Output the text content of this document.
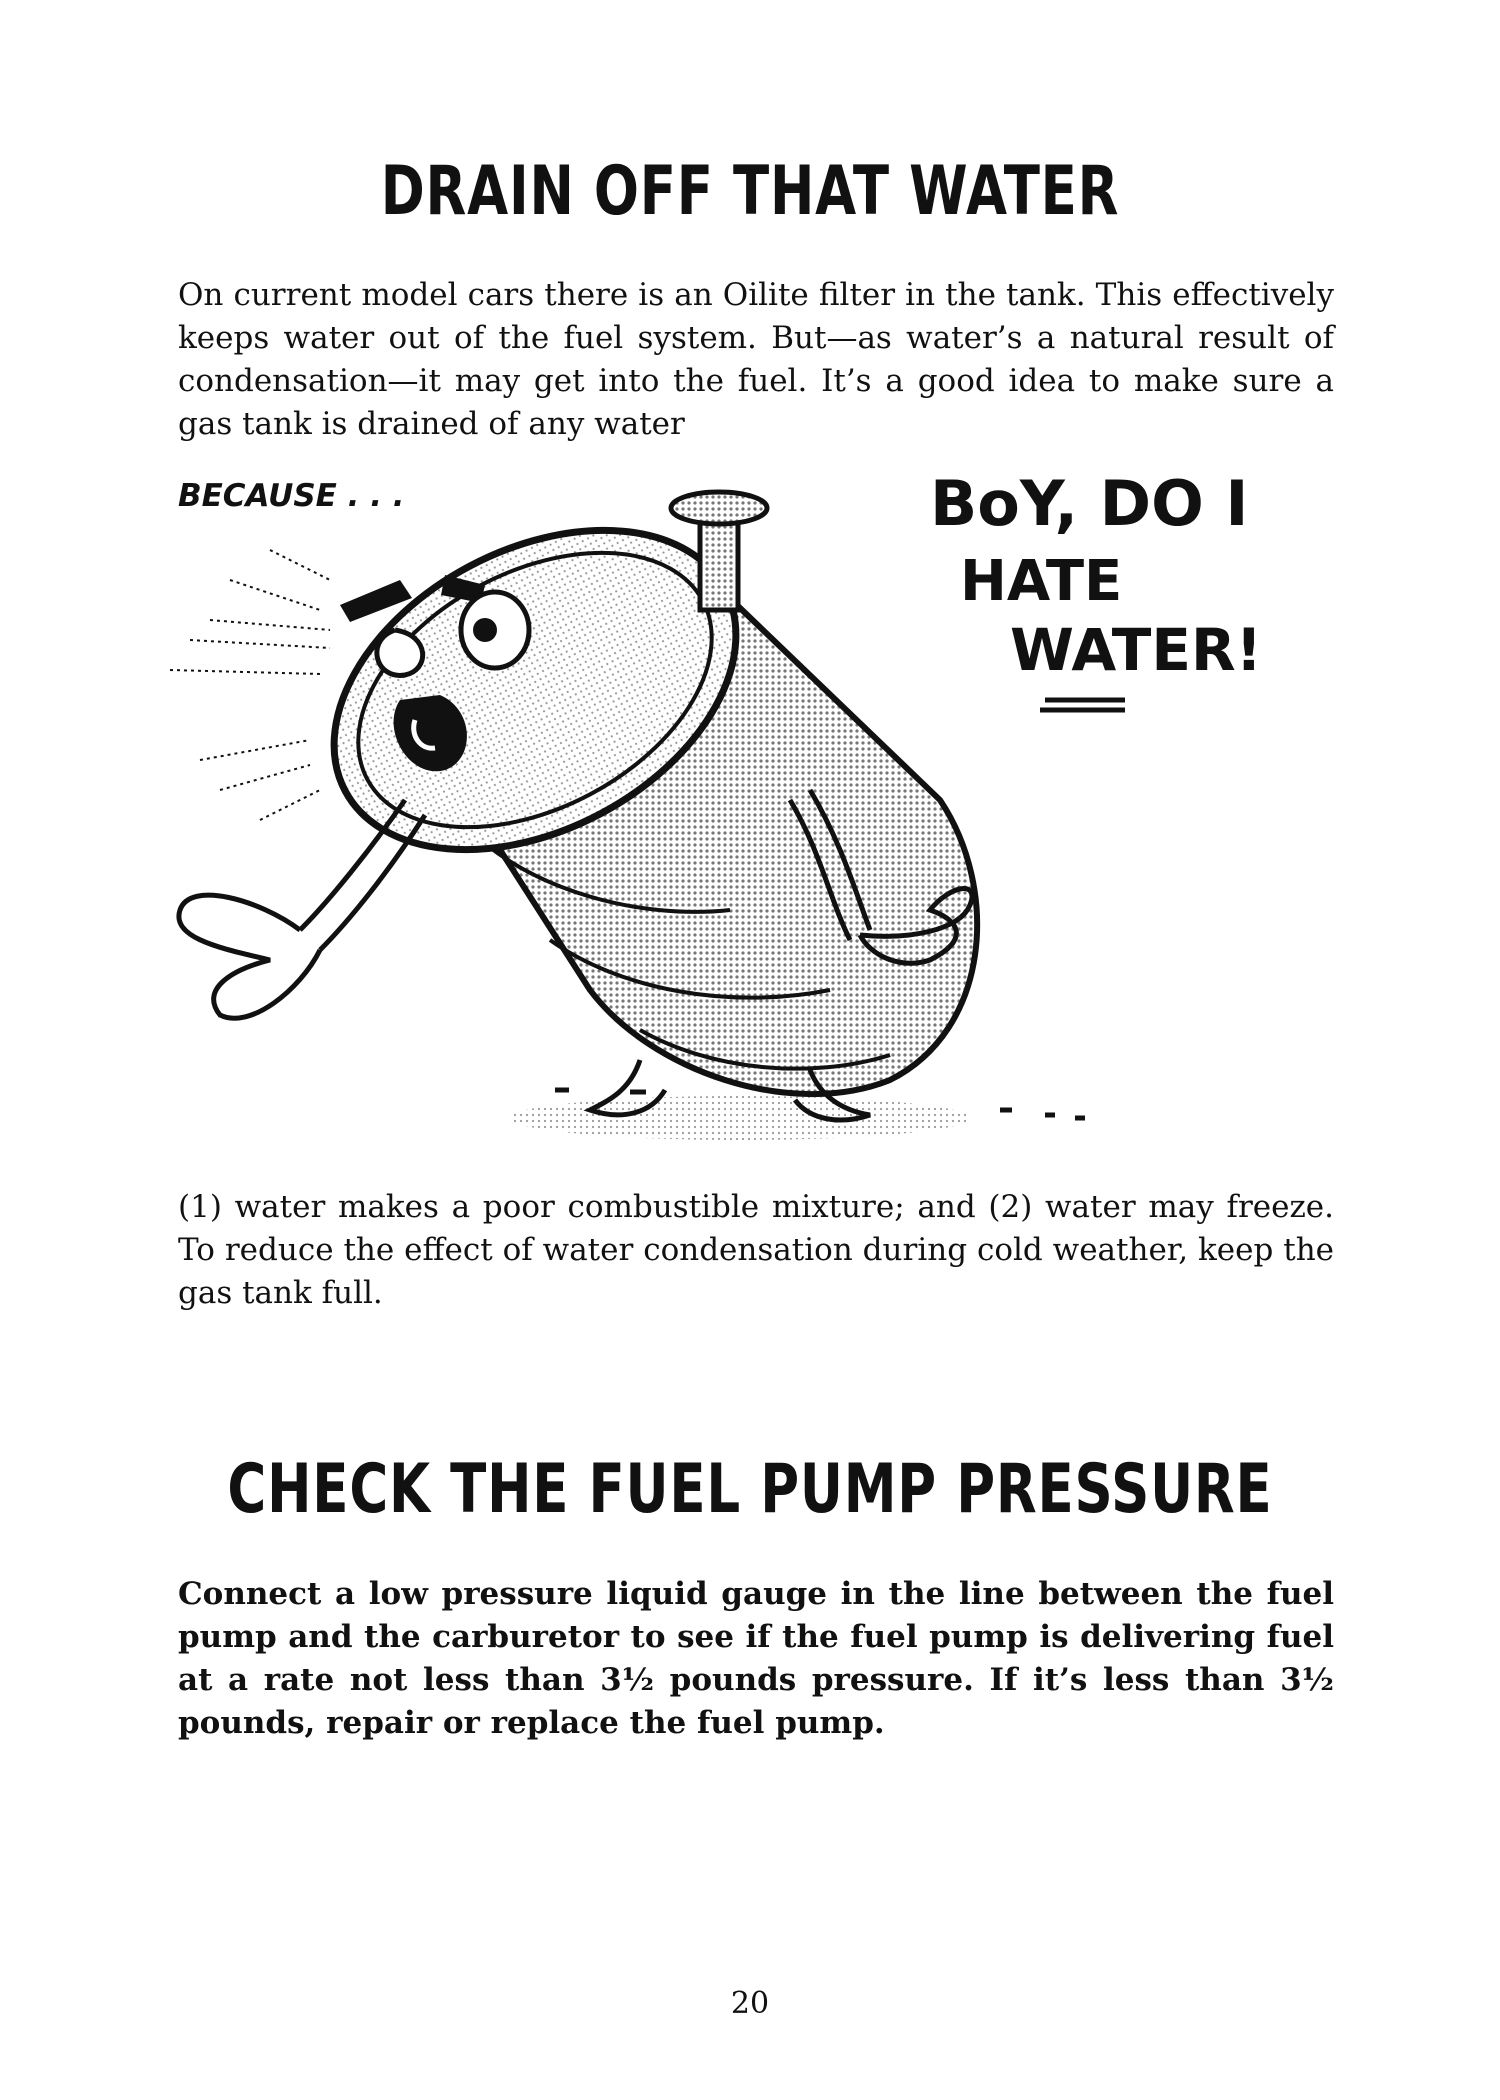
DRAIN OFF THAT WATER

On current model cars there is an Oilite filter in the tank. This effectively keeps water out of the fuel system. But—as water’s a natural result of condensation—it may get into the fuel. It’s a good idea to make sure a gas tank is drained of any water

BECAUSE . . .	BoY, DO I
HATE
WATER!

(1) water makes a poor combustible mixture; and (2) water may freeze. To reduce the effect of water condensation during cold weather, keep the gas tank full.

CHECK THE FUEL PUMP PRESSURE

Connect a low pressure liquid gauge in the line between the fuel pump and the carburetor to see if the fuel pump is delivering fuel at a rate not less than 3½ pounds pressure. If it’s less than 3½ pounds, repair or replace the fuel pump.

20
